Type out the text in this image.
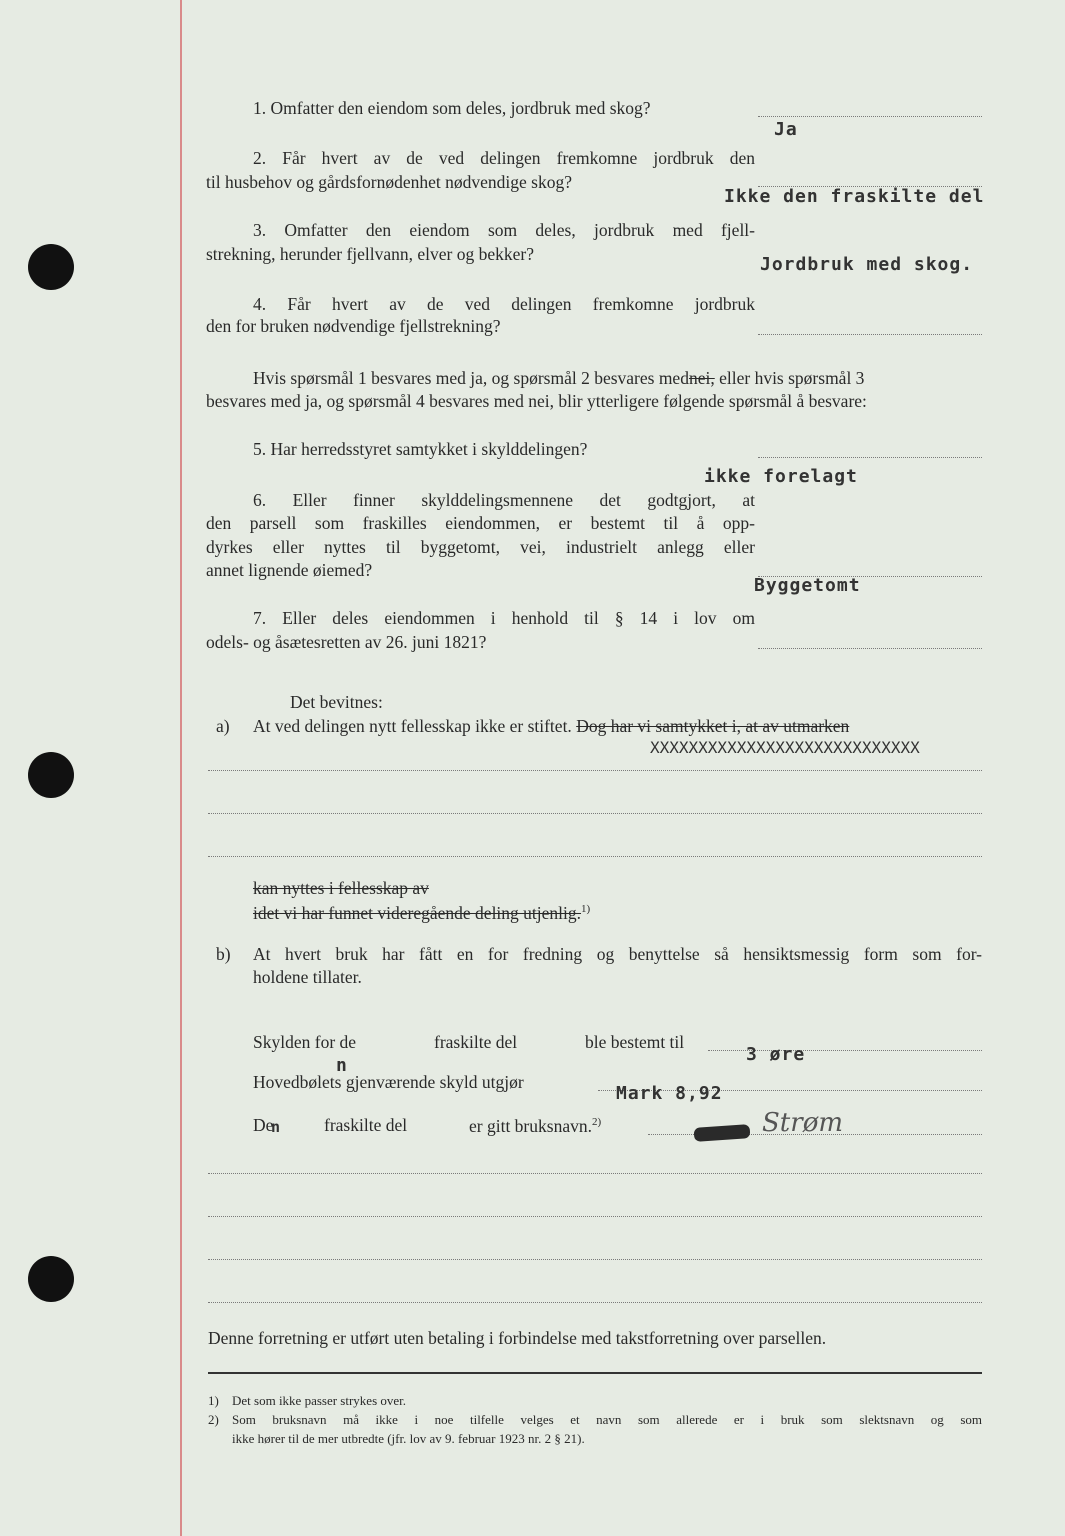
1. Omfatter den eiendom som deles, jordbruk med skog?
Ja
2. Får hvert av de ved delingen fremkomne jordbruk den
til husbehov og gårdsfornødenhet nødvendige skog?
Ikke den fraskilte del
3. Omfatter den eiendom som deles, jordbruk med fjell-
strekning, herunder fjellvann, elver og bekker?	Jordbruk med skog.
4. Får hvert av de ved delingen fremkomne jordbruk
den for bruken nødvendige fjellstrekning?
Hvis spørsmål 1 besvares med ja, og spørsmål 2 besvares mednei, eller hvis spørsmål 3
besvares med ja, og spørsmål 4 besvares med nei, blir ytterligere følgende spørsmål å besvare:
5. Har herredsstyret samtykket i skylddelingen?
ikke forelagt
6. Eller finner skylddelingsmennene det godtgjort, at
den parsell som fraskilles eiendommen, er bestemt til å opp-
dyrkes eller nyttes til byggetomt, vei, industrielt anlegg eller
annet lignende øiemed?
Byggetomt
7. Eller deles eiendommen i henhold til § 14 i lov om
odels- og åsætesretten av 26. juni 1821?
Det bevitnes:
a) At ved delingen nytt fellesskap ikke er stiftet. Dog har vi samtykket i, at av utmarken
XXXXXXXXXXXXXXXXXXXXXXXXXXXX
kan nyttes i fellesskap av
idet vi har funnet videregående deling utjenlig.$^{1)}$
b) At hvert bruk har fått en for fredning og benyttelse så hensiktsmessig form som for-
holdene tillater.
Skylden for de	fraskilte del	ble bestemt til
3 øre
n
Hovedbølets gjenværende skyld utgjør
Mark 8,92
De
n fraskilte del	er gitt bruksnavn.$^{2)}$	Strøm
Denne forretning er utført uten betaling i forbindelse med takstforretning over parsellen.
1) Det som ikke passer strykes over.
2) Som bruksnavn må ikke i noe tilfelle velges et navn som allerede er i bruk som slektsnavn og som
ikke hører til de mer utbredte (jfr. lov av 9. februar 1923 nr. 2 § 21).
